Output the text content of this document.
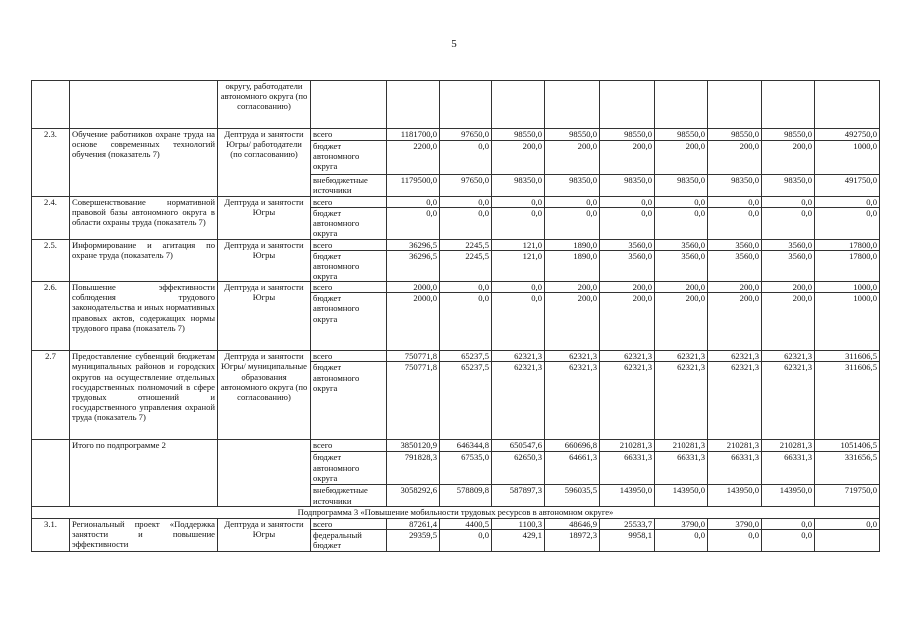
5
		округу, работодатели автономного округа (по согласованию)										
2.3.	Обучение работников охране труда на основе современных технологий обучения (показатель 7)	Дептруда и занятости Югры/ работодатели (по согласованию)	всего	1181700,0	97650,0	98550,0	98550,0	98550,0	98550,0	98550,0	98550,0	492750,0
			бюджет автономного округа	2200,0	0,0	200,0	200,0	200,0	200,0	200,0	200,0	1000,0
			внебюджетные источники	1179500,0	97650,0	98350,0	98350,0	98350,0	98350,0	98350,0	98350,0	491750,0
2.4.	Совершенствование нормативной правовой базы автономного округа в области охраны труда (показатель 7)	Дептруда и занятости Югры	всего	0,0	0,0	0,0	0,0	0,0	0,0	0,0	0,0	0,0
			бюджет автономного округа	0,0	0,0	0,0	0,0	0,0	0,0	0,0	0,0	0,0
2.5.	Информирование и агитация по охране труда (показатель 7)	Дептруда и занятости Югры	всего	36296,5	2245,5	121,0	1890,0	3560,0	3560,0	3560,0	3560,0	17800,0
			бюджет автономного округа	36296,5	2245,5	121,0	1890,0	3560,0	3560,0	3560,0	3560,0	17800,0
2.6.	Повышение эффективности соблюдения трудового законодательства и иных нормативных правовых актов, содержащих нормы трудового права (показатель 7)	Дептруда и занятости Югры	всего	2000,0	0,0	0,0	200,0	200,0	200,0	200,0	200,0	1000,0
			бюджет автономного округа	2000,0	0,0	0,0	200,0	200,0	200,0	200,0	200,0	1000,0
2.7	Предоставление субвенций бюджетам муниципальных районов и городских округов на осуществление отдельных государственных полномочий в сфере трудовых отношений и государственного управления охраной труда (показатель 7)	Дептруда и занятости Югры/ муниципальные образования автономного округа (по согласованию)	всего	750771,8	65237,5	62321,3	62321,3	62321,3	62321,3	62321,3	62321,3	311606,5
			бюджет автономного округа	750771,8	65237,5	62321,3	62321,3	62321,3	62321,3	62321,3	62321,3	311606,5
	Итого по подпрограмме 2		всего	3850120,9	646344,8	650547,6	660696,8	210281,3	210281,3	210281,3	210281,3	1051406,5
			бюджет автономного округа	791828,3	67535,0	62650,3	64661,3	66331,3	66331,3	66331,3	66331,3	331656,5
			внебюджетные источники	3058292,6	578809,8	587897,3	596035,5	143950,0	143950,0	143950,0	143950,0	719750,0
Подпрограмма 3 «Повышение мобильности трудовых ресурсов в автономном округе»												
3.1.	Региональный проект «Поддержка занятости и повышение эффективности	Дептруда и занятости Югры	всего	87261,4	4400,5	1100,3	48646,9	25533,7	3790,0	3790,0	0,0	0,0
			федеральный бюджет	29359,5	0,0	429,1	18972,3	9958,1	0,0	0,0	0,0	
